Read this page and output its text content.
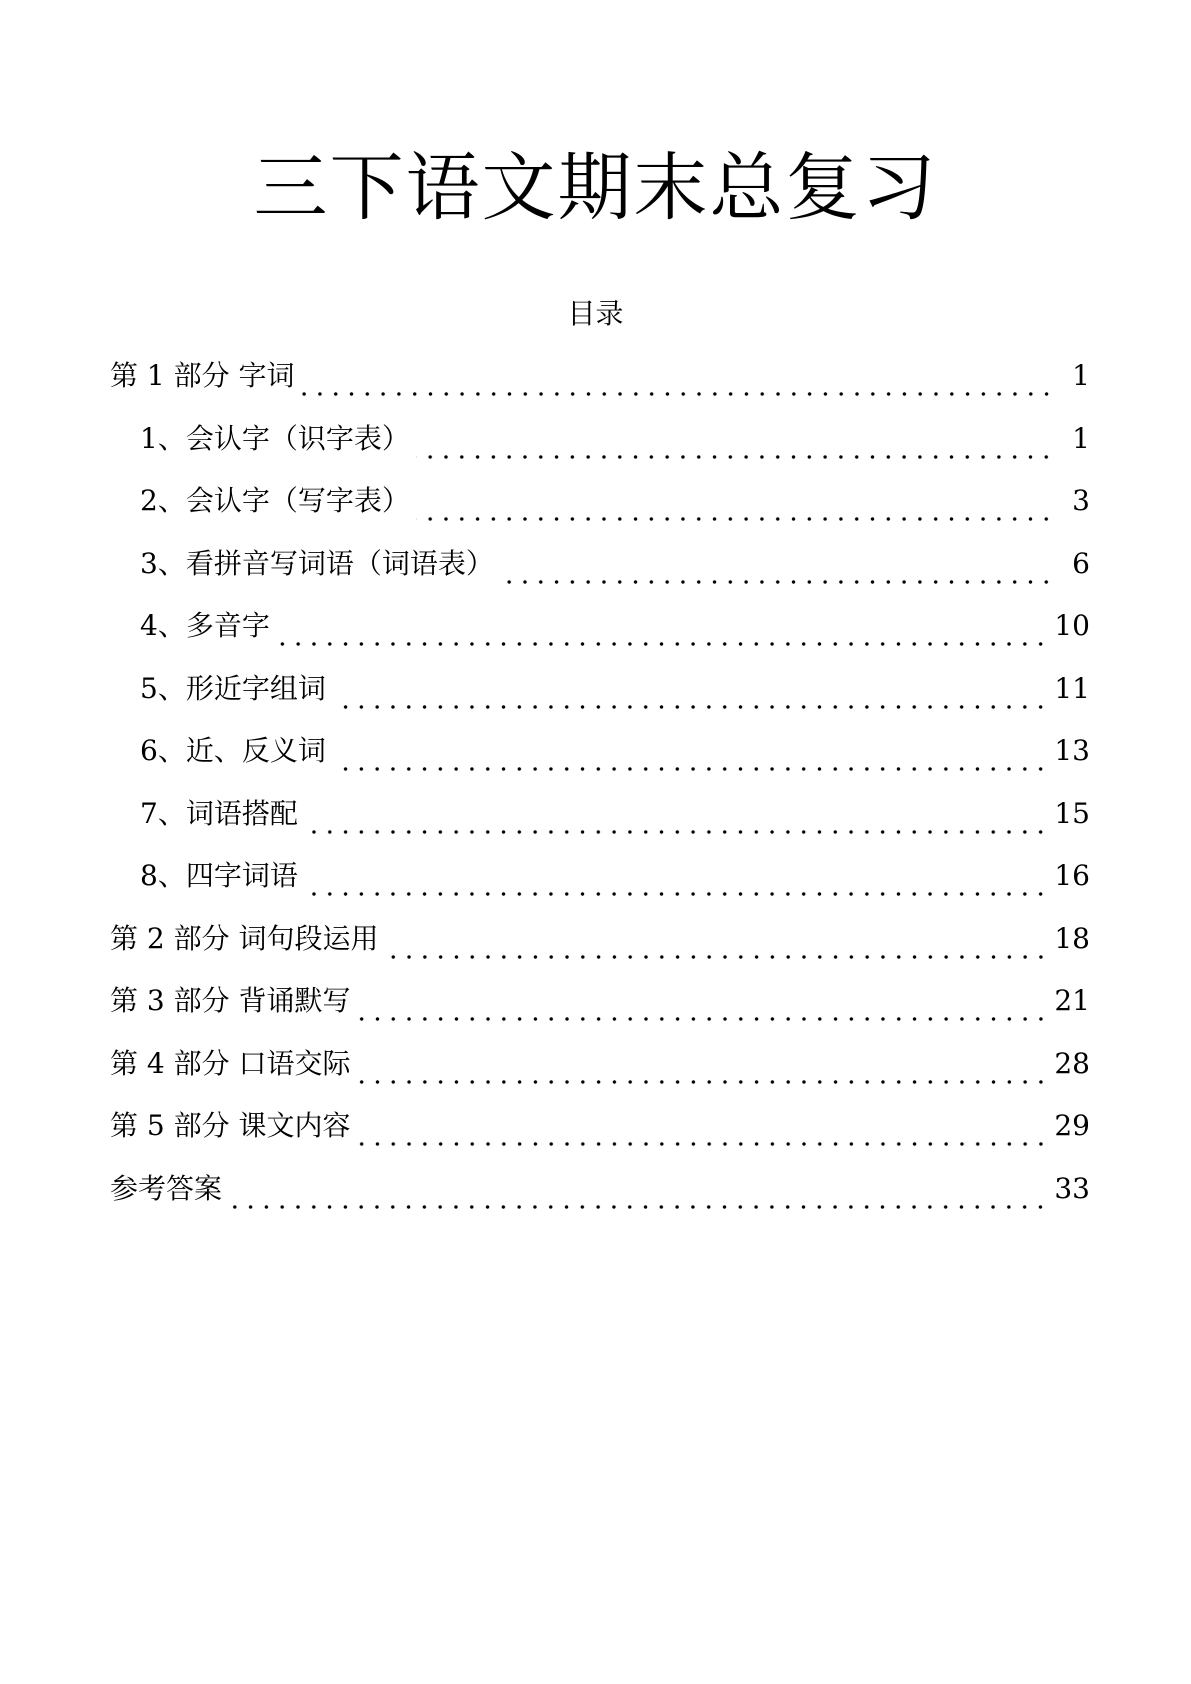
三下语文期末总复习
目录
第 1 部分 字词	1
1、会认字（识字表）	1
2、会认字（写字表）	3
3、看拼音写词语（词语表）	6
4、多音字	10
5、形近字组词	11
6、近、反义词	13
7、词语搭配	15
8、四字词语	16
第 2 部分 词句段运用	18
第 3 部分 背诵默写	21
第 4 部分 口语交际	28
第 5 部分 课文内容	29
参考答案	33
